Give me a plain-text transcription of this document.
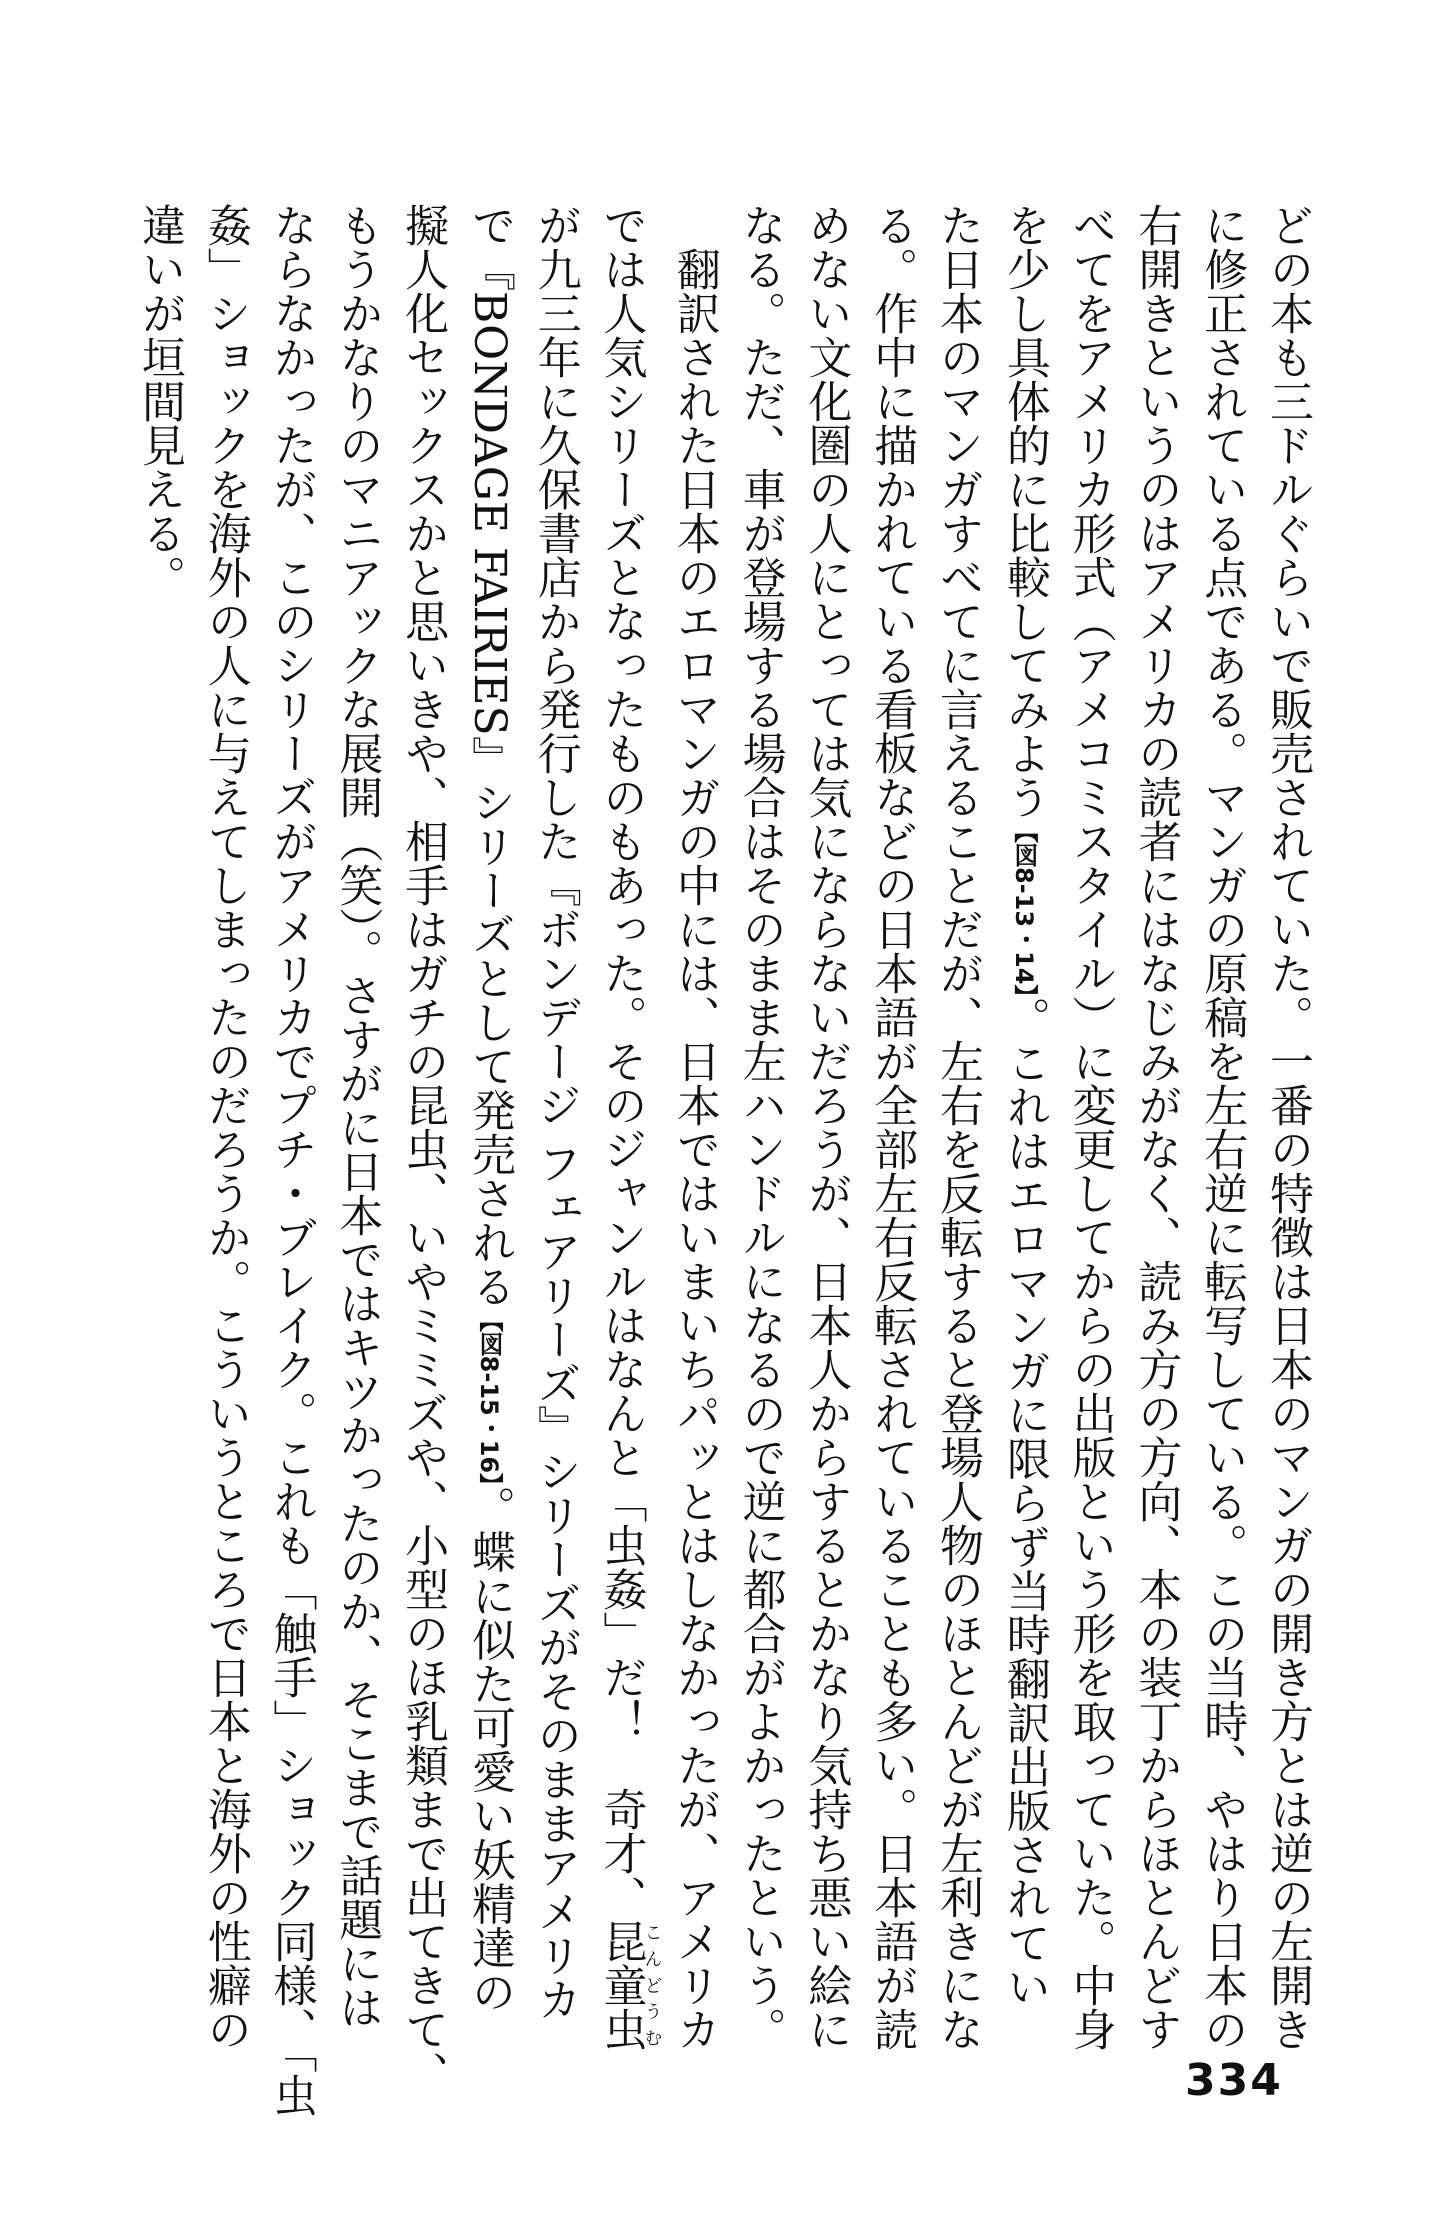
どの本も三ドルぐらいで販売されていた。一番の特徴は日本のマンガの開き方とは逆の左開き
に修正されている点である。マンガの原稿を左右逆に転写している。この当時、やはり日本の
右開きというのはアメリカの読者にはなじみがなく、読み方の方向、本の装丁からほとんどす
べてをアメリカ形式（アメコミスタイル）に変更してからの出版という形を取っていた。中身
を少し具体的に比較してみよう【図8-13・14】。これはエロマンガに限らず当時翻訳出版されてい
た日本のマンガすべてに言えることだが、左右を反転すると登場人物のほとんどが左利きにな
る。作中に描かれている看板などの日本語が全部左右反転されていることも多い。日本語が読
めない文化圏の人にとっては気にならないだろうが、日本人からするとかなり気持ち悪い絵に
なる。ただ、車が登場する場合はそのまま左ハンドルになるので逆に都合がよかったという。
　翻訳された日本のエロマンガの中には、日本ではいまいちパッとはしなかったが、アメリカ
では人気シリーズとなったものもあった。そのジャンルはなんと「虫姦」だ！　奇才、昆童虫こんどうむ
が九三年に久保書店から発行した『ボンデージ フェアリーズ』シリーズがそのままアメリカ
で『BONDAGE FAIRIES』シリーズとして発売される【図8-15・16】。蝶に似た可愛い妖精達の
擬人化セックスかと思いきや、相手はガチの昆虫、いやミミズや、小型のほ乳類まで出てきて、
もうかなりのマニアックな展開（笑）。さすがに日本ではキツかったのか、そこまで話題には
ならなかったが、このシリーズがアメリカでプチ・ブレイク。これも「触手」ショック同様、「虫
姦」ショックを海外の人に与えてしまったのだろうか。こういうところで日本と海外の性癖の
違いが垣間見える。
334
